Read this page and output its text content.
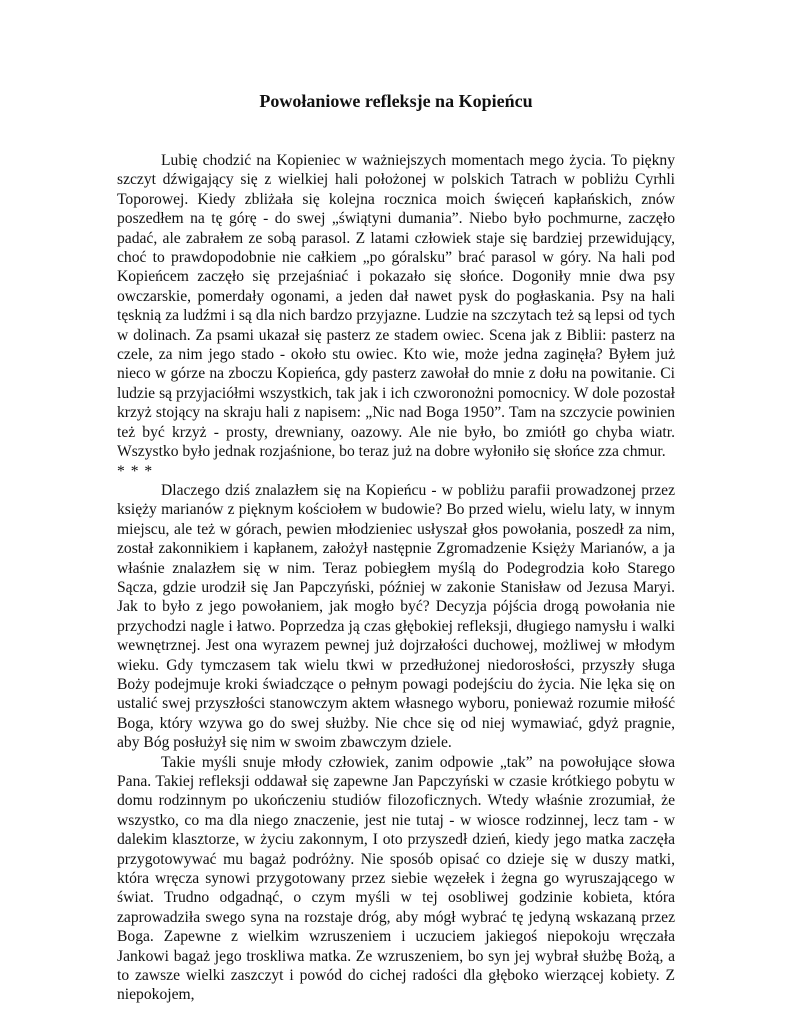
Powołaniowe refleksje na Kopieńcu

Lubię chodzić na Kopieniec w ważniejszych momentach mego życia. To piękny szczyt dźwigający się z wielkiej hali położonej w polskich Tatrach w pobliżu Cyrhli Toporowej. Kiedy zbliżała się kolejna rocznica moich święceń kapłańskich, znów poszedłem na tę górę - do swej „świątyni dumania”. Niebo było pochmurne, zaczęło padać, ale zabrałem ze sobą parasol. Z latami człowiek staje się bardziej przewidujący, choć to prawdopodobnie nie całkiem „po góralsku” brać parasol w góry. Na hali pod Kopieńcem zaczęło się przejaśniać i pokazało się słońce. Dogoniły mnie dwa psy owczarskie, pomerdały ogonami, a jeden dał nawet pysk do pogłaskania. Psy na hali tęsknią za ludźmi i są dla nich bardzo przyjazne. Ludzie na szczytach też są lepsi od tych w dolinach. Za psami ukazał się pasterz ze stadem owiec. Scena jak z Biblii: pasterz na czele, za nim jego stado - około stu owiec. Kto wie, może jedna zaginęła? Byłem już nieco w górze na zboczu Kopieńca, gdy pasterz zawołał do mnie z dołu na powitanie. Ci ludzie są przyjaciółmi wszystkich, tak jak i ich czworonożni pomocnicy. W dole pozostał krzyż stojący na skraju hali z napisem: „Nic nad Boga 1950”. Tam na szczycie powinien też być krzyż - prosty, drewniany, oazowy. Ale nie było, bo zmiótł go chyba wiatr. Wszystko było jednak rozjaśnione, bo teraz już na dobre wyłoniło się słońce zza chmur.

* * *

Dlaczego dziś znalazłem się na Kopieńcu - w pobliżu parafii prowadzonej przez księży marianów z pięknym kościołem w budowie? Bo przed wielu, wielu laty, w innym miejscu, ale też w górach, pewien młodzieniec usłyszał głos powołania, poszedł za nim, został zakonnikiem i kapłanem, założył następnie Zgromadzenie Księży Marianów, a ja właśnie znalazłem się w nim. Teraz pobiegłem myślą do Podegrodzia koło Starego Sącza, gdzie urodził się Jan Papczyński, później w zakonie Stanisław od Jezusa Maryi. Jak to było z jego powołaniem, jak mogło być? Decyzja pójścia drogą powołania nie przychodzi nagle i łatwo. Poprzedza ją czas głębokiej refleksji, długiego namysłu i walki wewnętrznej. Jest ona wyrazem pewnej już dojrzałości duchowej, możliwej w młodym wieku. Gdy tymczasem tak wielu tkwi w przedłużonej niedorosłości, przyszły sługa Boży podejmuje kroki świadczące o pełnym powagi podejściu do życia. Nie lęka się on ustalić swej przyszłości stanowczym aktem własnego wyboru, ponieważ rozumie miłość Boga, który wzywa go do swej służby. Nie chce się od niej wymawiać, gdyż pragnie, aby Bóg posłużył się nim w swoim zbawczym dziele.

Takie myśli snuje młody człowiek, zanim odpowie „tak” na powołujące słowa Pana. Takiej refleksji oddawał się zapewne Jan Papczyński w czasie krótkiego pobytu w domu rodzinnym po ukończeniu studiów filozoficznych. Wtedy właśnie zrozumiał, że wszystko, co ma dla niego znaczenie, jest nie tutaj - w wiosce rodzinnej, lecz tam - w dalekim klasztorze, w życiu zakonnym, I oto przyszedł dzień, kiedy jego matka zaczęła przygotowywać mu bagaż podróżny. Nie sposób opisać co dzieje się w duszy matki, która wręcza synowi przygotowany przez siebie węzełek i żegna go wyruszającego w świat. Trudno odgadnąć, o czym myśli w tej osobliwej godzinie kobieta, która zaprowadziła swego syna na rozstaje dróg, aby mógł wybrać tę jedyną wskazaną przez Boga. Zapewne z wielkim wzruszeniem i uczuciem jakiegoś niepokoju wręczała Jankowi bagaż jego troskliwa matka. Ze wzruszeniem, bo syn jej wybrał służbę Bożą, a to zawsze wielki zaszczyt i powód do cichej radości dla głęboko wierzącej kobiety. Z niepokojem,
